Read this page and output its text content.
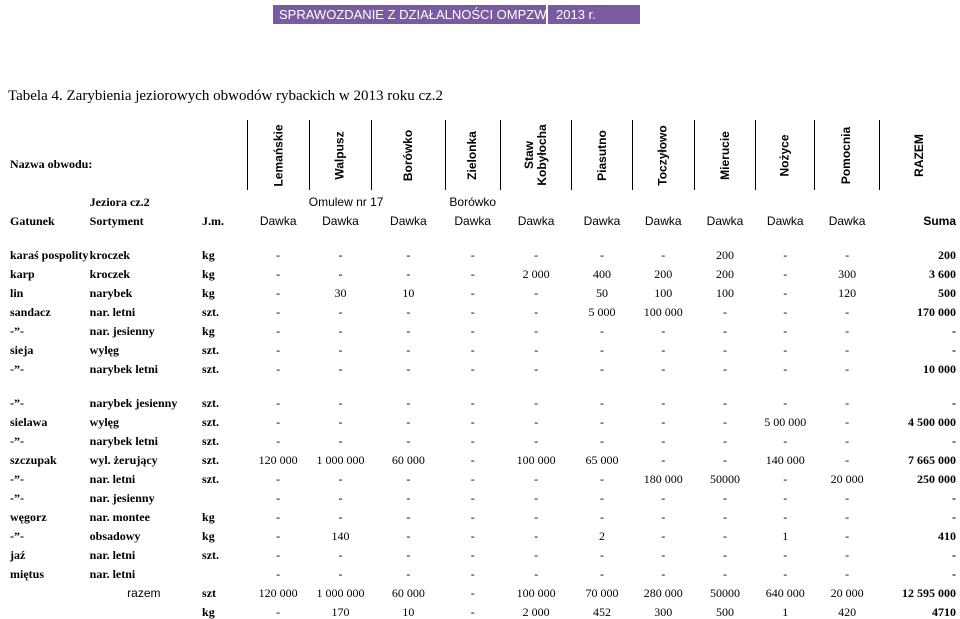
SPRAWOZDANIE Z DZIAŁALNOŚCI OMPZW 2013 r.
Tabela 4. Zarybienia jeziorowych obwodów rybackich w 2013 roku cz.2
Nazwa obwodu:	Jeziora cz.2		Lemańskie	Walpusz	Borówko	Zielonka	Staw Kobyłocha	Piasutno	Toczyłowo	Mierucie	Nożyce	Pomocnia	RAZEM
			Omulew nr 17			Borówko							
Gatunek	Sortyment	J.m.	Dawka	Dawka	Dawka	Dawka	Dawka	Dawka	Dawka	Dawka	Dawka	Dawka	Suma
karaś pospolity	kroczek	kg	-	-	-	-	-	-	-	200	-	-	200
karp	kroczek	kg	-	-	-	-	2 000	400	200	200	-	300	3 600
lin	narybek	kg	-	30	10	-	-	50	100	100	-	120	500
sandacz	nar. letni	szt.	-	-	-	-	-	5 000	100 000	-	-	-	170 000
-”-	nar. jesienny	kg	-	-	-	-	-	-	-	-	-	-	-
sieja	wylęg	szt.	-	-	-	-	-	-	-	-	-	-	-
-”-	narybek letni	szt.	-	-	-	-	-	-	-	-	-	-	10 000
-”-	narybek jesienny	szt.	-	-	-	-	-	-	-	-	-	-	-
sielawa	wylęg	szt.	-	-	-	-	-	-	-	-	5 00 000	-	4 500 000
-”-	narybek letni	szt.	-	-	-	-	-	-	-	-	-	-	-
szczupak	wyl. żerujący	szt.	120 000	1 000 000	60 000	-	100 000	65 000	-	-	140 000	-	7 665 000
-”-	nar. letni	szt.	-	-	-	-	-	-	180 000	50000	-	20 000	250 000
-”-	nar. jesienny		-	-	-	-	-	-	-	-	-	-	-
węgorz	nar. montee	kg	-	-	-	-	-	-	-	-	-	-	-
-”-	obsadowy	kg	-	140	-	-	-	2	-	-	1	-	410
jaź	nar. letni	szt.	-	-	-	-	-	-	-	-	-	-	-
miętus	nar. letni		-	-	-	-	-	-	-	-	-	-	-
	razem	szt	120 000	1 000 000	60 000	-	100 000	70 000	280 000	50000	640 000	20 000	12 595 000
		kg	-	170	10	-	2 000	452	300	500	1	420	4710
